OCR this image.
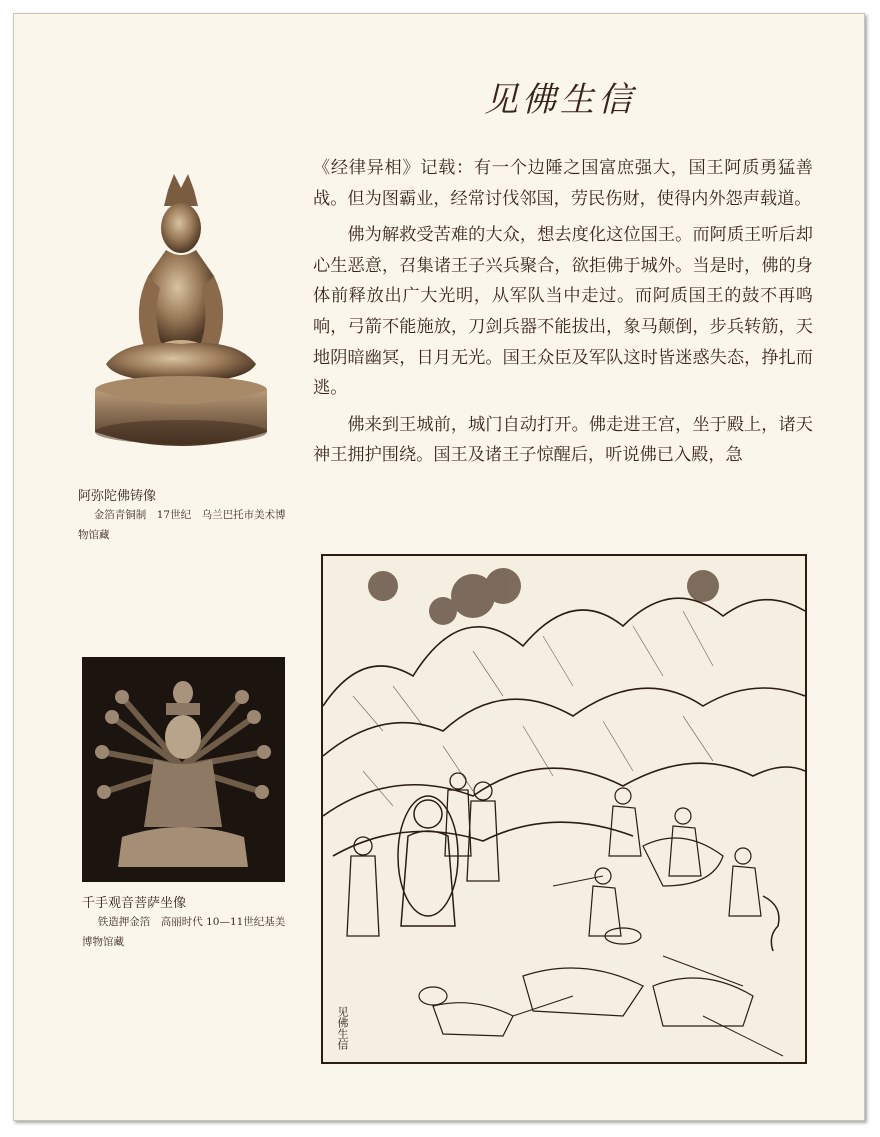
见佛生信

《经律异相》记载：有一个边陲之国富庶强大，国王阿质勇猛善战。但为图霸业，经常讨伐邻国，劳民伤财，使得内外怨声载道。

佛为解救受苦难的大众，想去度化这位国王。而阿质王听后却心生恶意，召集诸王子兴兵聚合，欲拒佛于城外。当是时，佛的身体前释放出广大光明，从军队当中走过。而阿质国王的鼓不再鸣响，弓箭不能施放，刀剑兵器不能拔出，象马颠倒，步兵转筋，天地阴暗幽冥，日月无光。国王众臣及军队这时皆迷惑失态，挣扎而逃。

佛来到王城前，城门自动打开。佛走进王宫，坐于殿上，诸天神王拥护围绕。国王及诸王子惊醒后，听说佛已入殿，急

阿弥陀佛铸像
金箔青铜制　17世纪　乌兰巴托市美术博物馆藏
千手观音菩萨坐像
铁造押金箔　高丽时代 10—11世纪基美博物馆藏
见佛生信
